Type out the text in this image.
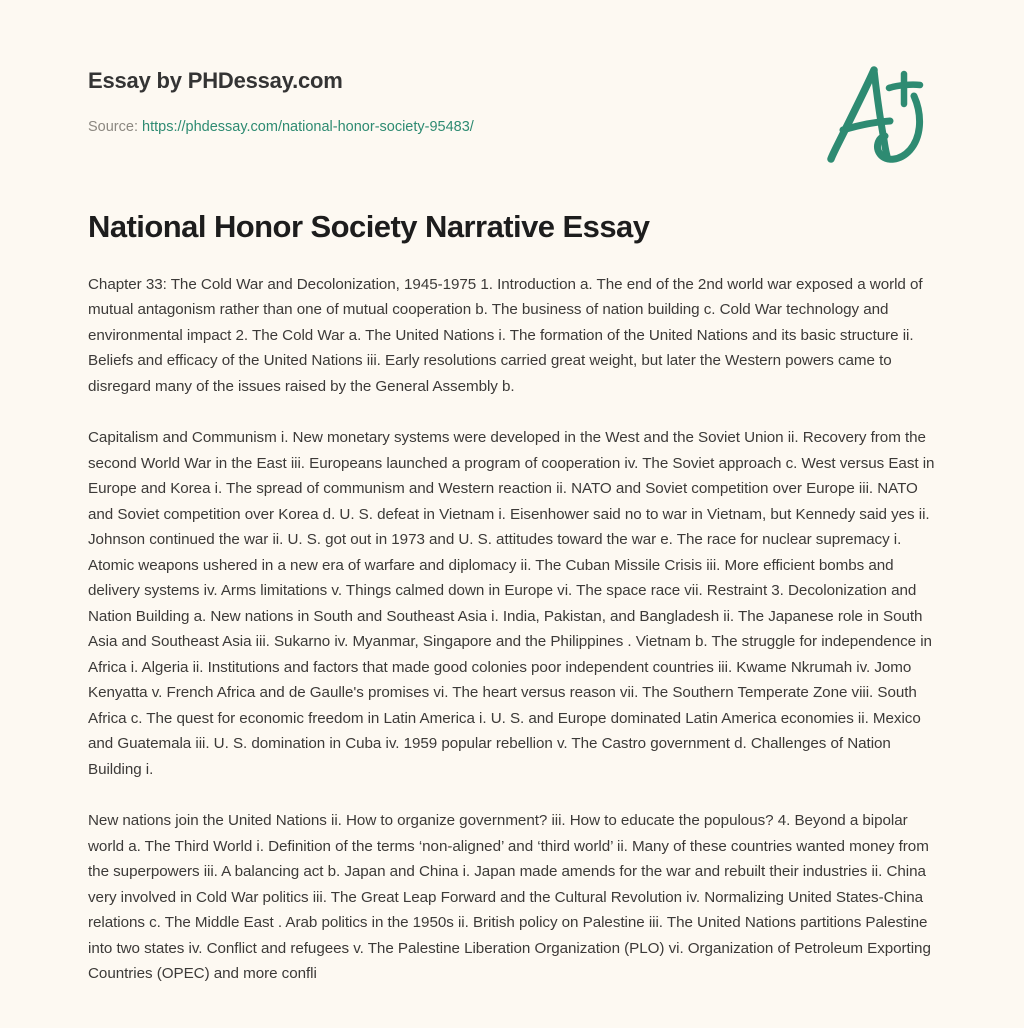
Essay by PHDessay.com
Source: https://phdessay.com/national-honor-society-95483/
National Honor Society Narrative Essay

Chapter 33: The Cold War and Decolonization, 1945-1975 1. Introduction a. The end of the 2nd world war exposed a world of mutual antagonism rather than one of mutual cooperation b. The business of nation building c. Cold War technology and environmental impact 2. The Cold War a. The United Nations i. The formation of the United Nations and its basic structure ii. Beliefs and efficacy of the United Nations iii. Early resolutions carried great weight, but later the Western powers came to disregard many of the issues raised by the General Assembly b.

Capitalism and Communism i. New monetary systems were developed in the West and the Soviet Union ii. Recovery from the second World War in the East iii. Europeans launched a program of cooperation iv. The Soviet approach c. West versus East in Europe and Korea i. The spread of communism and Western reaction ii. NATO and Soviet competition over Europe iii. NATO and Soviet competition over Korea d. U. S. defeat in Vietnam i. Eisenhower said no to war in Vietnam, but Kennedy said yes ii. Johnson continued the war ii. U. S. got out in 1973 and U. S. attitudes toward the war e. The race for nuclear supremacy i. Atomic weapons ushered in a new era of warfare and diplomacy ii. The Cuban Missile Crisis iii. More efficient bombs and delivery systems iv. Arms limitations v. Things calmed down in Europe vi. The space race vii. Restraint 3. Decolonization and Nation Building a. New nations in South and Southeast Asia i. India, Pakistan, and Bangladesh ii. The Japanese role in South Asia and Southeast Asia iii. Sukarno iv. Myanmar, Singapore and the Philippines . Vietnam b. The struggle for independence in Africa i. Algeria ii. Institutions and factors that made good colonies poor independent countries iii. Kwame Nkrumah iv. Jomo Kenyatta v. French Africa and de Gaulle's promises vi. The heart versus reason vii. The Southern Temperate Zone viii. South Africa c. The quest for economic freedom in Latin America i. U. S. and Europe dominated Latin America economies ii. Mexico and Guatemala iii. U. S. domination in Cuba iv. 1959 popular rebellion v. The Castro government d. Challenges of Nation Building i.

New nations join the United Nations ii. How to organize government? iii. How to educate the populous? 4. Beyond a bipolar world a. The Third World i. Definition of the terms ‘non-aligned’ and ‘third world’ ii. Many of these countries wanted money from the superpowers iii. A balancing act b. Japan and China i. Japan made amends for the war and rebuilt their industries ii. China very involved in Cold War politics iii. The Great Leap Forward and the Cultural Revolution iv. Normalizing United States-China relations c. The Middle East . Arab politics in the 1950s ii. British policy on Palestine iii. The United Nations partitions Palestine into two states iv. Conflict and refugees v. The Palestine Liberation Organization (PLO) vi. Organization of Petroleum Exporting Countries (OPEC) and more confli
